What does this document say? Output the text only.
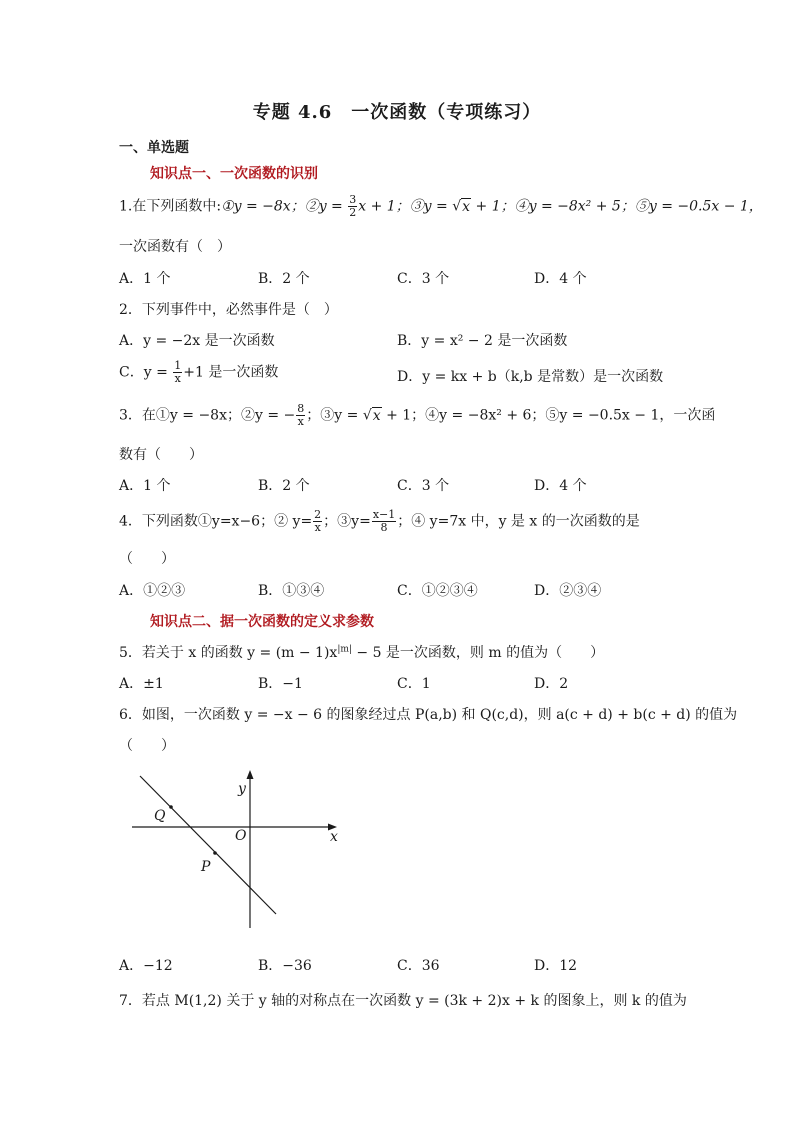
专题 4.6　一次函数（专项练习）
一、单选题
知识点一、一次函数的识别
1.在下列函数中:①y = −8x；②y = $\frac{3}{2}$ x + 1；③y = √x + 1；④y = −8x² + 5；⑤y = −0.5x − 1，
一次函数有（　）
A．1 个	B．2 个	C．3 个	D．4 个
2．下列事件中，必然事件是（　）
A．y = −2x 是一次函数	B．y = x² − 2 是一次函数
C．$y = \frac{1}{x} +1$ 是一次函数	D．y = kx + b（k,b 是常数）是一次函数
3．在①y = −8x；②y = − $\frac{8}{x}$ ；③y = √x + 1；④y = −8x² + 6；⑤y = −0.5x − 1，一次函
数有（　　）
A．1 个	B．2 个	C．3 个	D．4 个
4．下列函数①y=x−6；② $y= \frac{2}{x}$ ；③y= $\frac{x-1}{8}$ ；④ y=7x 中，y 是 x 的一次函数的是
（　　）
A．①②③	B．①③④	C．①②③④	D．②③④
知识点二、据一次函数的定义求参数
5．若关于 x 的函数 $y = (m - 1)x^{|m|} - 5$ 是一次函数，则 m 的值为（　　）
A．±1	B．−1	C．1	D．2
6．如图，一次函数 y = −x − 6 的图象经过点 P(a,b) 和 Q(c,d)，则 a(c + d) + b(c + d) 的值为
（　　）
Q
P
O	x
y
A．−12	B．−36	C．36	D．12
7．若点 M(1,2) 关于 y 轴的对称点在一次函数 y = (3k + 2)x + k 的图象上，则 k 的值为
